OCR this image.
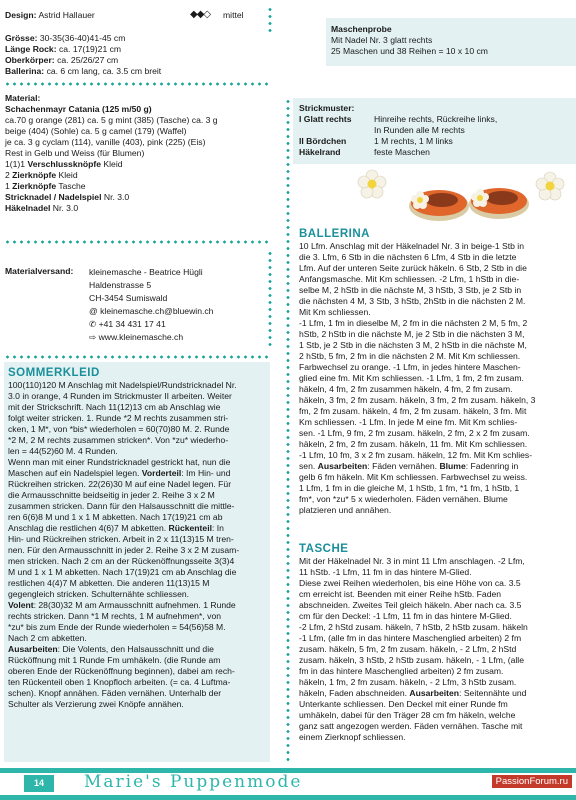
Design: Astrid Hallauer	◆◆◇ mittel
Grösse: 30-35(36-40)41-45 cm
Länge Rock: ca. 17(19)21 cm
Oberkörper: ca. 25/26/27 cm
Ballerina: ca. 6 cm lang, ca. 3.5 cm breit
Material:
Schachenmayr Catania (125 m/50 g)
ca.70 g orange (281) ca. 5 g mint (385) (Tasche) ca. 3 g
beige (404) (Sohle) ca. 5 g camel (179) (Waffel)
je ca. 3 g cyclam (114), vanille (403), pink (225) (Eis)
Rest in Gelb und Weiss (für Blumen)
1(1)1 Verschlussknöpfe Kleid
2 Zierknöpfe Kleid
1 Zierknöpfe Tasche
Stricknadel / Nadelspiel Nr. 3.0
Häkelnadel Nr. 3.0
Materialversand: kleinemasche - Beatrice Hügli
Haldenstrasse 5
CH-3454 Sumiswald
@ kleinemasche.ch@bluewin.ch
✆ +41 34 431 17 41
⇨ www.kleinemasche.ch
SOMMERKLEID
100(110)120 M Anschlag mit Nadelspiel/Rundstricknadel Nr.
3.0 in orange, 4 Runden im Strickmuster II arbeiten. Weiter
mit der Strickschrift. Nach 11(12)13 cm ab Anschlag wie
folgt weiter stricken. 1. Runde *2 M rechts zusammen stri-
cken, 1 M*, von *bis* wiederholen = 60(70)80 M. 2. Runde
*2 M, 2 M rechts zusammen stricken*. Von *zu* wiederho-
len = 44(52)60 M. 4 Runden.
Wenn man mit einer Rundstricknadel gestrickt hat, nun die
Maschen auf ein Nadelspiel legen. Vorderteil: Im Hin- und
Rückreihen stricken. 22(26)30 M auf eine Nadel legen. Für
die Armausschnitte beidseitig in jeder 2. Reihe 3 x 2 M
zusammen stricken. Dann für den Halsausschnitt die mittle-
ren 6(6)8 M und 1 x 1 M abketten. Nach 17(19)21 cm ab
Anschlag die restlichen 4(6)7 M abketten. Rückenteil: In
Hin- und Rückreihen stricken. Arbeit in 2 x 11(13)15 M tren-
nen. Für den Armausschnitt in jeder 2. Reihe 3 x 2 M zusam-
men stricken. Nach 2 cm an der Rückenöffnungsseite 3(3)4
M und 1 x 1 M abketten. Nach 17(19)21 cm ab Anschlag die
restlichen 4(4)7 M abketten. Die anderen 11(13)15 M
gegengleich stricken. Schulternähte schliessen.
Volent: 28(30)32 M am Armausschnitt aufnehmen. 1 Runde
rechts stricken. Dann *1 M rechts, 1 M aufnehmen*, von
*zu* bis zum Ende der Runde wiederholen = 54(56)58 M.
Nach 2 cm abketten.
Ausarbeiten: Die Volents, den Halsausschnitt und die
Rücköffnung mit 1 Runde Fm umhäkeln. (die Runde am
oberen Ende der Rückenöffnung beginnen), dabei am rech-
ten Rückenteil oben 1 Knopfloch arbeiten. (= ca. 4 Luftma-
schen). Knopf annähen. Fäden vernähen. Unterhalb der
Schulter als Verzierung zwei Knöpfe annähen.
Maschenprobe
Mit Nadel Nr. 3 glatt rechts
25 Maschen und 38 Reihen = 10 x 10 cm
Strickmuster:
I Glatt rechts	Hinreihe rechts, Rückreihe links,
	In Runden alle M rechts
II Bördchen	1 M rechts, 1 M links
Häkelrand	feste Maschen
BALLERINA
10 Lfm. Anschlag mit der Häkelnadel Nr. 3 in beige-1 Stb in
die 3. Lfm, 6 Stb in die nächsten 6 Lfm, 4 Stb in die letzte
Lfm. Auf der unteren Seite zurück häkeln. 6 Stb, 2 Stb in die
Anfangsmasche. Mit Km schliessen. -2 Lfm, 1 hStb in die-
selbe M, 2 hStb in die nächste M, 3 hStb, 3 Stb, je 2 Stb in
die nächsten 4 M, 3 Stb, 3 hStb, 2hStb in die nächsten 2 M.
Mit Km schliessen.
-1 Lfm, 1 fm in dieselbe M, 2 fm in die nächsten 2 M, 5 fm, 2
hStb, 2 hStb in die nächste M, je 2 Stb in die nächsten 3 M,
1 Stb, je 2 Stb in die nächsten 3 M, 2 hStb in die nächste M,
2 hStb, 5 fm, 2 fm in die nächsten 2 M. Mit Km schliessen.
Farbwechsel zu orange. -1 Lfm, in jedes hintere Maschen-
glied eine fm. Mit Km schliessen. -1 Lfm, 1 fm, 2 fm zusam.
häkeln, 4 fm, 2 fm zusammen häkeln, 4 fm, 2 fm zusam.
häkeln, 3 fm, 2 fm zusam. häkeln, 3 fm, 2 fm zusam. häkeln, 3
fm, 2 fm zusam. häkeln, 4 fm, 2 fm zusam. häkeln, 3 fm. Mit
Km schliessen. -1 Lfm. In jede M eine fm. Mit Km schlies-
sen. -1 Lfm, 9 fm, 2 fm zusam. häkeln, 2 fm, 2 x 2 fm zusam.
häkeln, 2 fm, 2 fm zusam. häkeln, 11 fm. Mit Km schliessen.
-1 Lfm, 10 fm, 3 x 2 fm zusam. häkeln, 12 fm. Mit Km schlies-
sen. Ausarbeiten: Fäden vernähen. Blume: Fadenring in
gelb 6 fm häkeln. Mit Km schliessen. Farbwechsel zu weiss.
1 Lfm, 1 fm in die gleiche M, 1 hStb, 1 fm, *1 fm, 1 hStb, 1
fm*, von *zu* 5 x wiederholen. Fäden vernähen. Blume
platzieren und annähen.
TASCHE
Mit der Häkelnadel Nr. 3 in mint 11 Lfm anschlagen. -2 Lfm,
11 hStb. -1 Lfm, 11 fm in das hintere M-Glied.
Diese zwei Reihen wiederholen, bis eine Höhe von ca. 3.5
cm erreicht ist. Beenden mit einer Reihe hStb. Faden
abschneiden. Zweites Teil gleich häkeln. Aber nach ca. 3.5
cm für den Deckel: -1 Lfm, 11 fm in das hintere M-Glied.
-2 Lfm, 2 hStd zusam. häkeln, 7 hStb, 2 hStb zusam. häkeln
-1 Lfm, (alle fm in das hintere Maschenglied arbeiten) 2 fm
zusam. häkeln, 5 fm, 2 fm zusam. häkeln, - 2 Lfm, 2 hStd
zusam. häkeln, 3 hStb, 2 hStb zusam. häkeln, - 1 Lfm, (alle
fm in das hintere Maschenglied arbeiten) 2 fm zusam.
häkeln, 1 fm, 2 fm zusam. häkeln, - 2 Lfm, 3 hStb zusam.
häkeln, Faden abschneiden. Ausarbeiten: Seitennähte und
Unterkante schliessen. Den Deckel mit einer Runde fm
umhäkeln, dabei für den Träger 28 cm fm häkeln, welche
ganz satt angezogen werden. Fäden vernähen. Tasche mit
einem Zierknopf schliessen.
14	Marie's Puppenmode	PassionForum.ru
